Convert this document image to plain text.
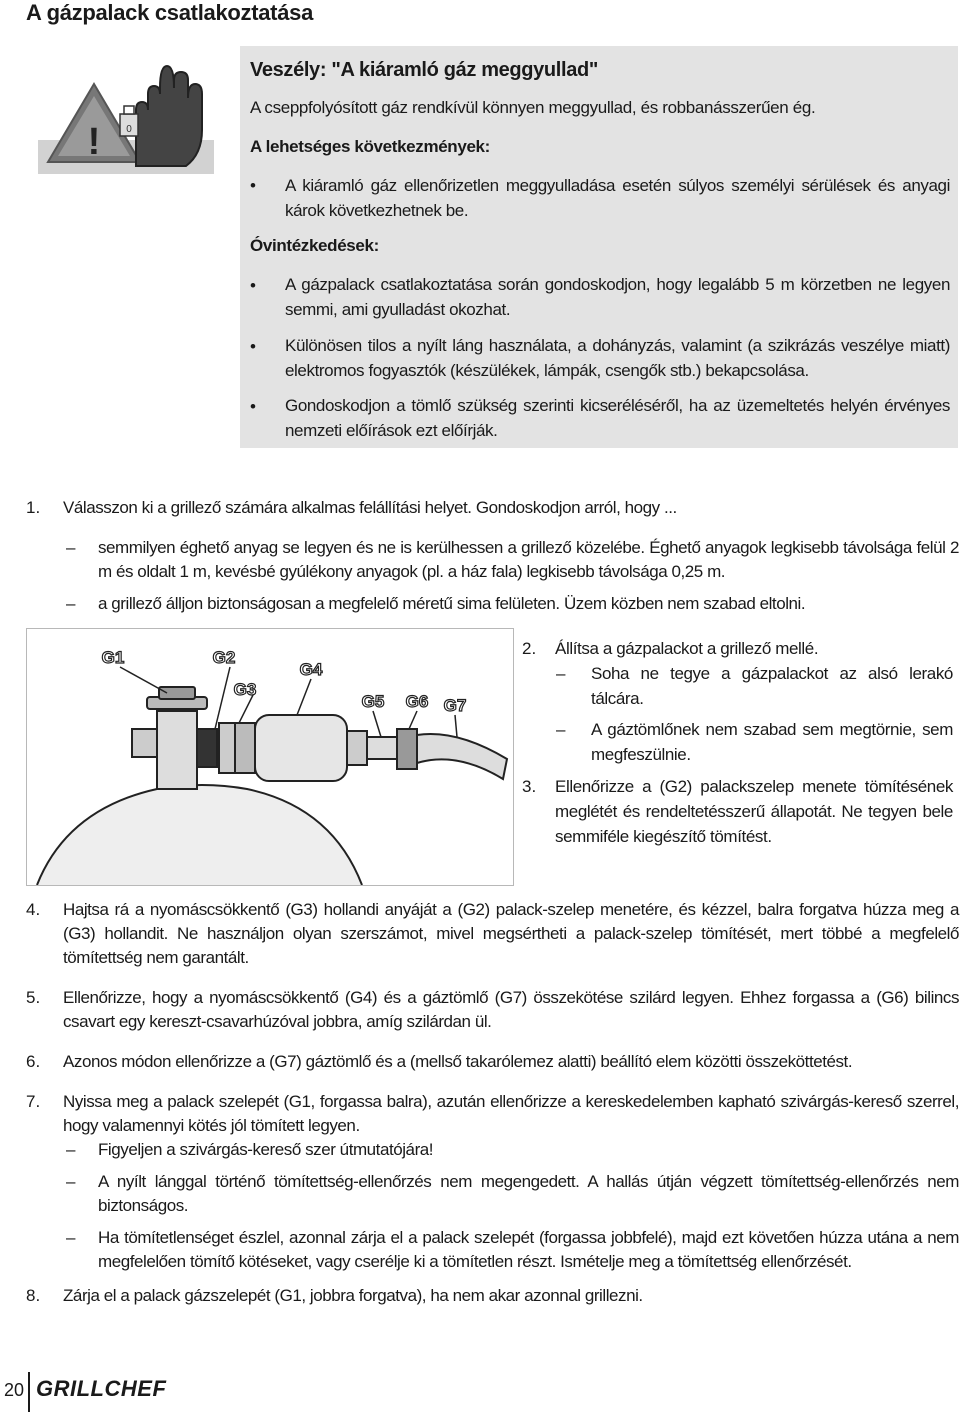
A gázpalack csatlakoztatása
!	0
Veszély: "A kiáramló gáz meggyullad"
A cseppfolyósított gáz rendkívül könnyen meggyullad, és robbanásszerűen ég.
A lehetséges következmények:
• A kiáramló gáz ellenőrizetlen meggyulladása esetén súlyos személyi sérülések és anyagi károk következhetnek be.
Óvintézkedések:
• A gázpalack csatlakoztatása során gondoskodjon, hogy legalább 5 m körzetben ne legyen semmi, ami gyulladást okozhat.
• Különösen tilos a nyílt láng használata, a dohányzás, valamint (a szikrázás veszélye miatt) elektromos fogyasztók (készülékek, lámpák, csengők stb.) bekapcsolása.
• Gondoskodjon a tömlő szükség szerinti kicseréléséről, ha az üzemeltetés helyén érvényes nemzeti előírások ezt előírják.
1. Válasszon ki a grillező számára alkalmas felállítási helyet. Gondoskodjon arról, hogy ...
– semmilyen éghető anyag se legyen és ne is kerülhessen a grillező közelébe. Éghető anyagok legkisebb távolsága felül 2 m és oldalt 1 m, kevésbé gyúlékony anyagok (pl. a ház fala) legkisebb távolsága 0,25 m.
– a grillező álljon biztonságosan a megfelelő méretű sima felületen. Üzem közben nem szabad eltolni.
G1	G2
G3
G4
G5 G6 G7
2. Állítsa a gázpalackot a grillező mellé.
– Soha ne tegye a gázpalackot az alsó lerakó tálcára.
– A gáztömlőnek nem szabad sem megtörnie, sem megfeszülnie.
3. Ellenőrizze a (G2) palackszelep menete tömítésének meglétét és rendeltetésszerű állapotát. Ne tegyen bele semmiféle kiegészítő tömítést.
4. Hajtsa rá a nyomáscsökkentő (G3) hollandi anyáját a (G2) palack-szelep menetére, és kézzel, balra forgatva húzza meg a (G3) hollandit. Ne használjon olyan szerszámot, mivel megsértheti a palack-szelep tömítését, mert többé a megfelelő tömítettség nem garantált.
5. Ellenőrizze, hogy a nyomáscsökkentő (G4) és a gáztömlő (G7) összekötése szilárd legyen. Ehhez forgassa a (G6) bilincs csavart egy kereszt-csavarhúzóval jobbra, amíg szilárdan ül.
6. Azonos módon ellenőrizze a (G7) gáztömlő és a (mellső takarólemez alatti) beállító elem közötti összeköttetést.
7. Nyissa meg a palack szelepét (G1, forgassa balra), azután ellenőrizze a kereskedelemben kapható szivárgás-kereső szerrel, hogy valamennyi kötés jól tömített legyen.
– Figyeljen a szivárgás-kereső szer útmutatójára!
– A nyílt lánggal történő tömítettség-ellenőrzés nem megengedett. A hallás útján végzett tömítettség-ellenőrzés nem biztonságos.
– Ha tömítetlenséget észlel, azonnal zárja el a palack szelepét (forgassa jobbfelé), majd ezt követően húzza utána a nem megfelelően tömítő kötéseket, vagy cserélje ki a tömítetlen részt. Ismételje meg a tömítettség ellenőrzését.
8. Zárja el a palack gázszelepét (G1, jobbra forgatva), ha nem akar azonnal grillezni.
20 GRILLCHEF
